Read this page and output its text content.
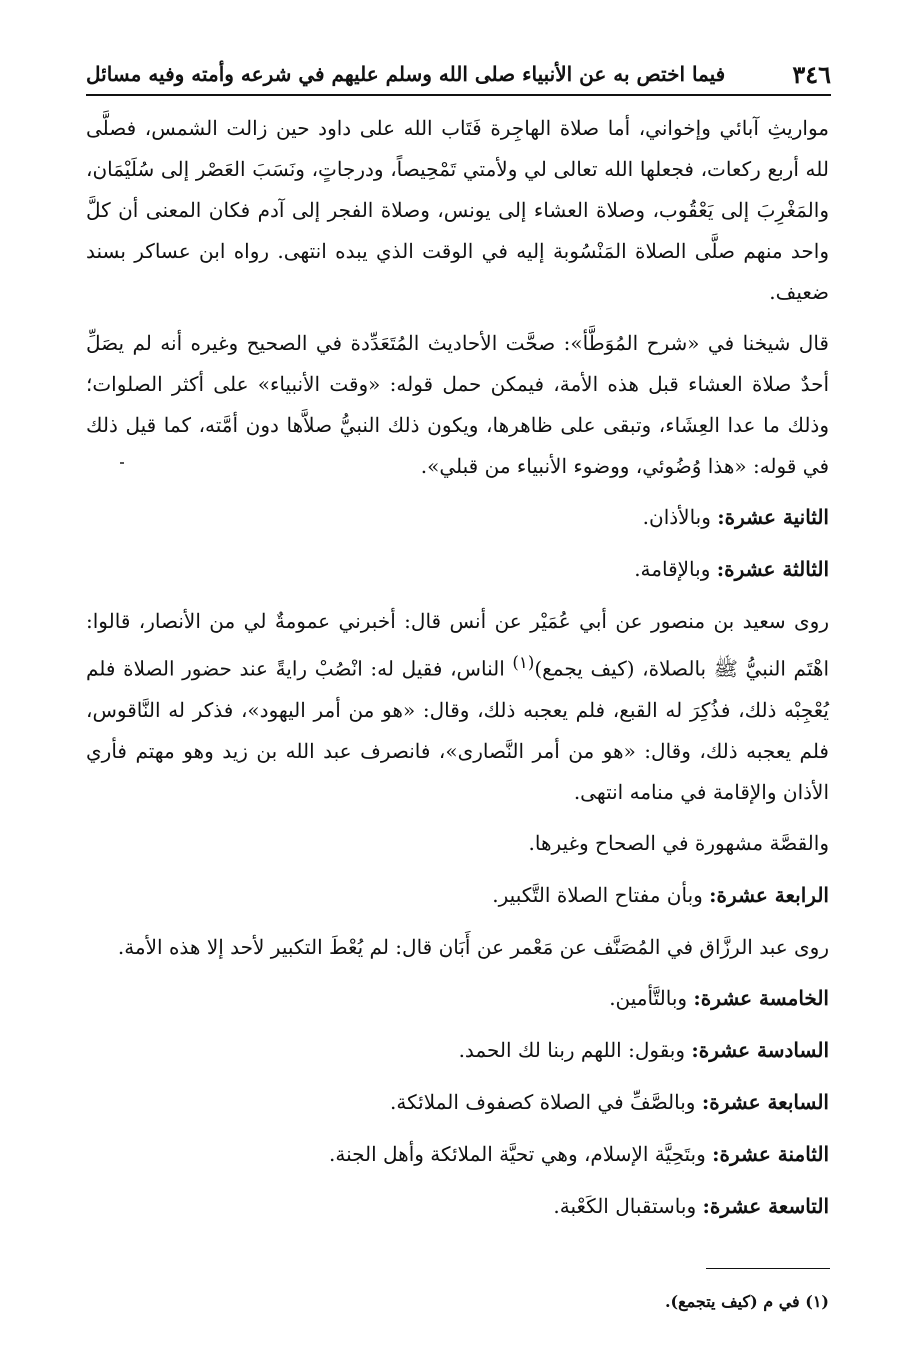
٣٤٦
فيما اختص به عن الأنبياء صلى الله وسلم عليهم في شرعه وأمته وفيه مسائل

مواريثِ آبائي وإخواني، أما صلاة الهاجِرة فَتَاب الله على داود حين زالت الشمس، فصلَّى لله أربع ركعات، فجعلها الله تعالى لي ولأمتي تَمْحِيصاً، ودرجاتٍ، ونَسَبَ العَصْر إلى سُلَيْمَان، والمَغْرِبَ إلى يَعْقُوب، وصلاة العشاء إلى يونس، وصلاة الفجر إلى آدم فكان المعنى أن كلَّ واحد منهم صلَّى الصلاة المَنْسُوبة إليه في الوقت الذي يبده انتهى. رواه ابن عساكر بسند ضعيف.

قال شيخنا في «شرح المُوَطَّأ»: صحَّت الأحاديث المُتَعَدِّدة في الصحيح وغيره أنه لم يصَلِّ أحدٌ صلاة العشاء قبل هذه الأمة، فيمكن حمل قوله: «وقت الأنبياء» على أكثر الصلوات؛ وذلك ما عدا العِشَاء، وتبقى على ظاهرها، ويكون ذلك النبيُّ صلاَّها دون أمَّته، كما قيل ذلك في قوله: «هذا وُضُوئي، ووضوء الأنبياء من قبلي».

الثانية عشرة: وبالأذان.

الثالثة عشرة: وبالإقامة.

روى سعيد بن منصور عن أبي عُمَيْر عن أنس قال: أخبرني عمومةٌ لي من الأنصار، قالوا: اهْتَم النبيُّ ﷺ بالصلاة، (كيف يجمع)$^{(١)}$ الناس، فقيل له: انْصُبْ رايةً عند حضور الصلاة فلم يُعْجِبْه ذلك، فذُكِرَ له القبع، فلم يعجبه ذلك، وقال: «هو من أمر اليهود»، فذكر له النَّاقوس، فلم يعجبه ذلك، وقال: «هو من أمر النَّصارى»، فانصرف عبد الله بن زيد وهو مهتم فأري الأذان والإقامة في منامه انتهى.

والقصَّة مشهورة في الصحاح وغيرها.

الرابعة عشرة: وبأن مفتاح الصلاة التَّكبير.

روى عبد الرزَّاق في المُصَنَّف عن مَعْمر عن أَبَان قال: لم يُعْطَ التكبير لأحد إلا هذه الأمة.

الخامسة عشرة: وبالتَّأمين.

السادسة عشرة: وبقول: اللهم ربنا لك الحمد.

السابعة عشرة: وبالصَّفِّ في الصلاة كصفوف الملائكة.

الثامنة عشرة: وبتَحِيَّة الإسلام، وهي تحيَّة الملائكة وأهل الجنة.

التاسعة عشرة: وباستقبال الكَعْبة.

(١) في م (كيف يتجمع).
